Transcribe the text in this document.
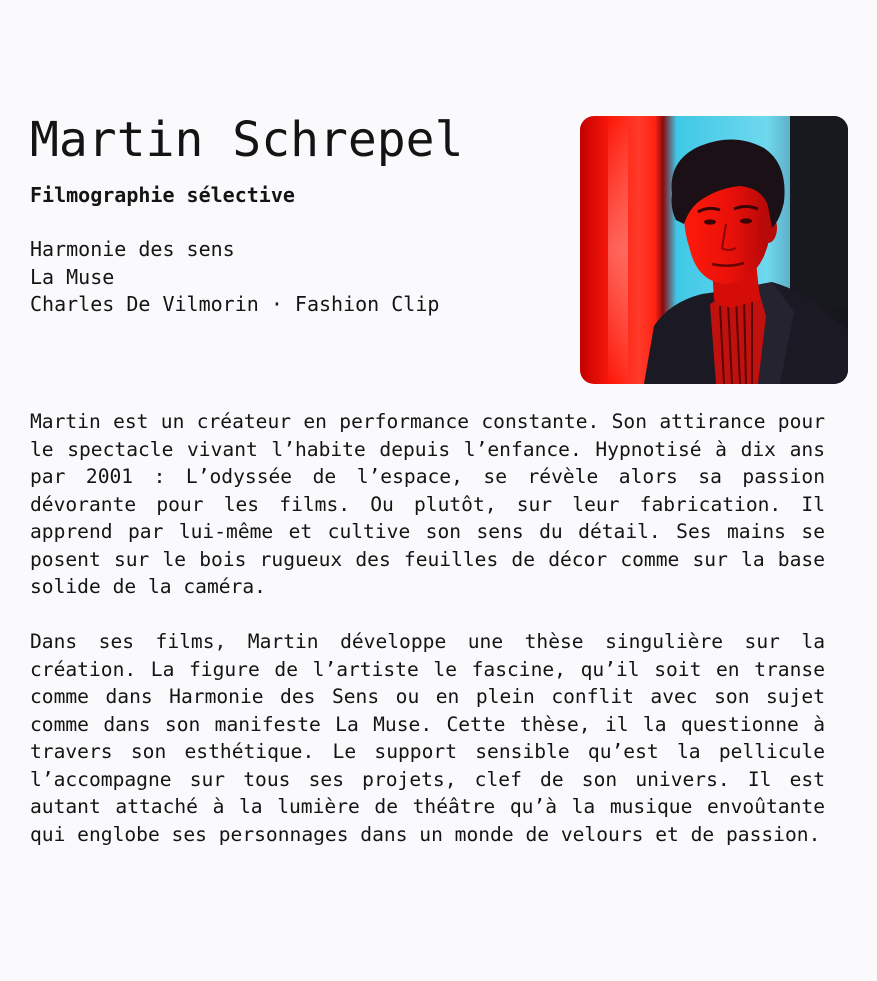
Martin Schrepel
Filmographie sélective
Harmonie des sens
La Muse
Charles De Vilmorin · Fashion Clip

Martin est un créateur en performance constante. Son attirance pour le spectacle vivant l’habite depuis l’enfance. Hypnotisé à dix ans par 2001 : L’odyssée de l’espace, se révèle alors sa passion dévorante pour les films. Ou plutôt, sur leur fabrication. Il apprend par lui-même et cultive son sens du détail. Ses mains se posent sur le bois rugueux des feuilles de décor comme sur la base solide de la caméra.

Dans ses films, Martin développe une thèse singulière sur la création. La figure de l’artiste le fascine, qu’il soit en transe comme dans Harmonie des Sens ou en plein conflit avec son sujet comme dans son manifeste La Muse. Cette thèse, il la questionne à travers son esthétique. Le support sensible qu’est la pellicule l’accompagne sur tous ses projets, clef de son univers. Il est autant attaché à la lumière de théâtre qu’à la musique envoûtante qui englobe ses personnages dans un monde de velours et de passion.
